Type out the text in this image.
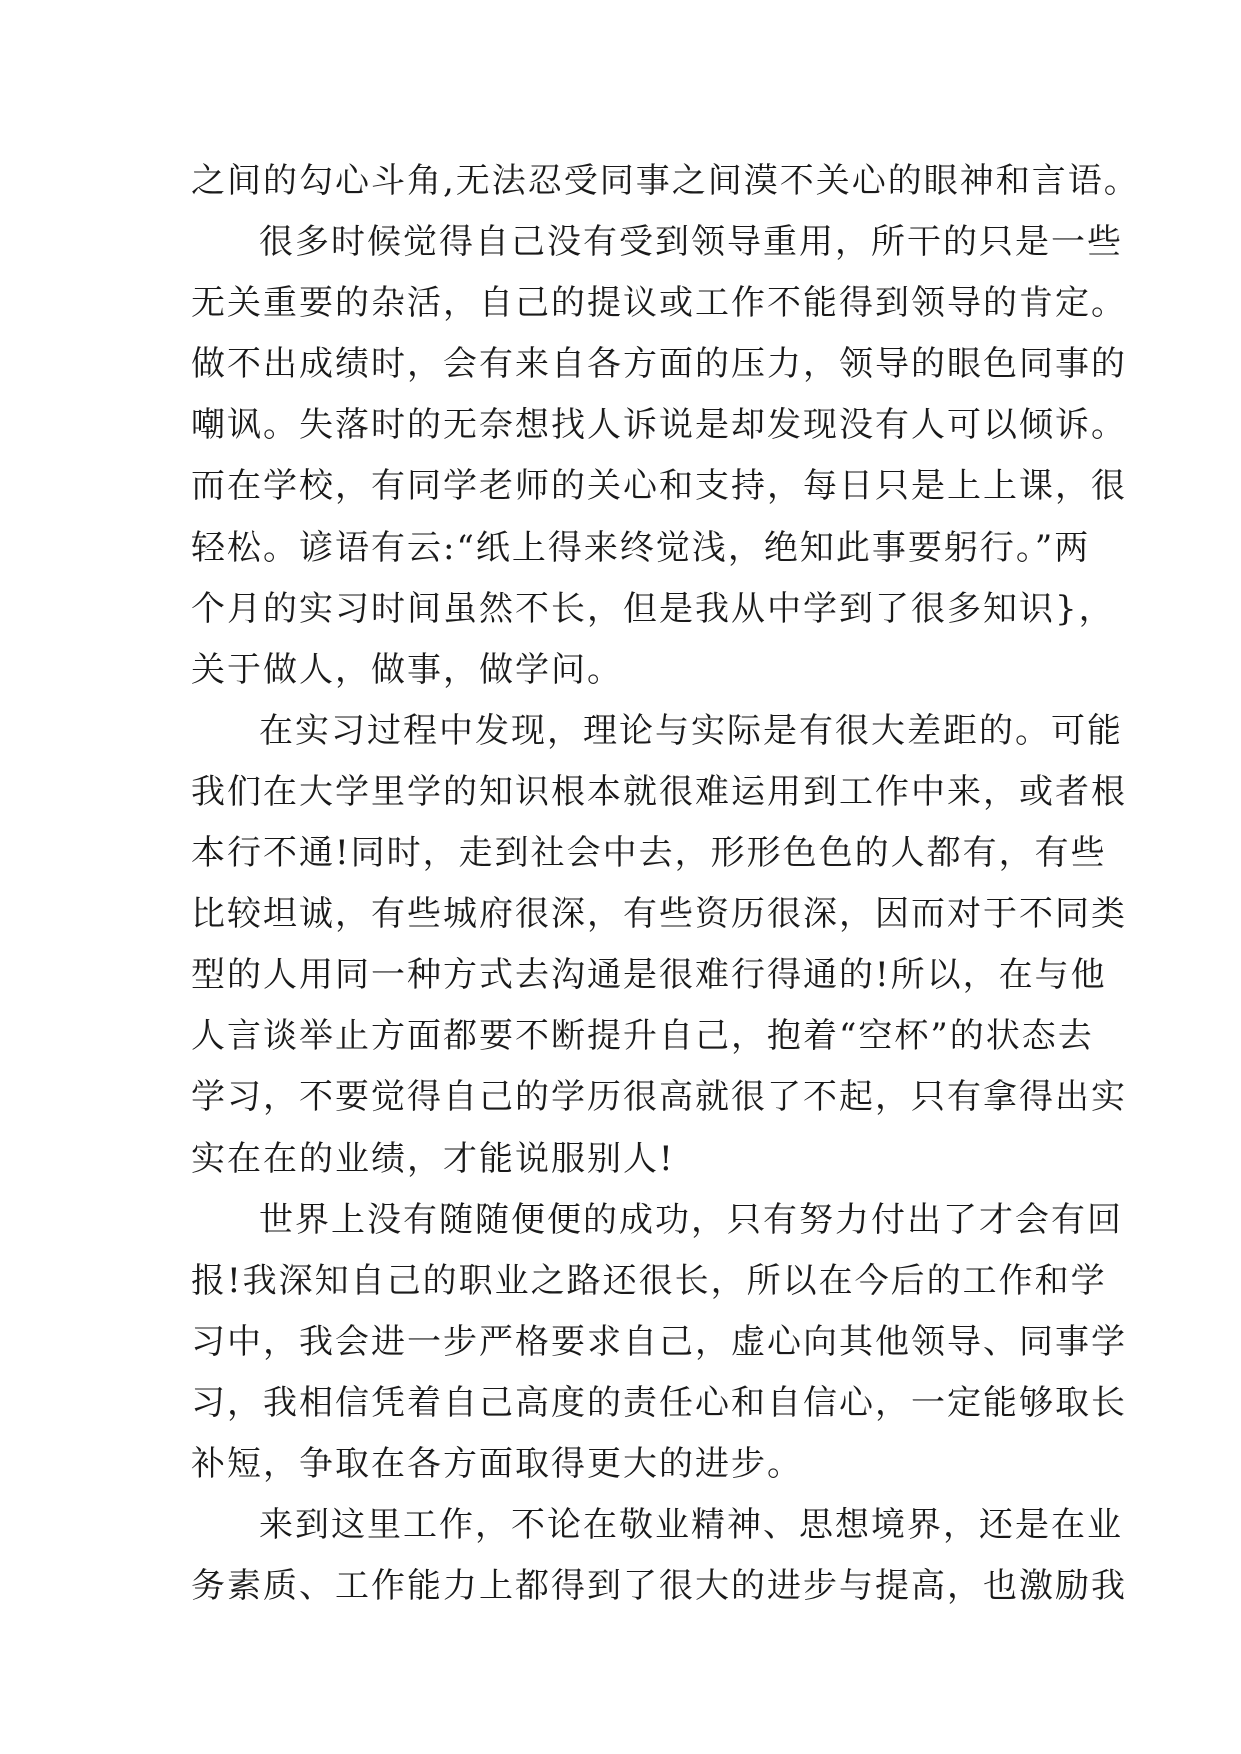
之间的勾心斗角,无法忍受同事之间漠不关心的眼神和言语。
很多时候觉得自己没有受到领导重用，所干的只是一些
无关重要的杂活，自己的提议或工作不能得到领导的肯定。
做不出成绩时，会有来自各方面的压力，领导的眼色同事的
嘲讽。失落时的无奈想找人诉说是却发现没有人可以倾诉。
而在学校，有同学老师的关心和支持，每日只是上上课，很
轻松。谚语有云:“纸上得来终觉浅，绝知此事要躬行。”两
个月的实习时间虽然不长，但是我从中学到了很多知识}，
关于做人，做事，做学问。
在实习过程中发现，理论与实际是有很大差距的。可能
我们在大学里学的知识根本就很难运用到工作中来，或者根
本行不通!同时，走到社会中去，形形色色的人都有，有些
比较坦诚，有些城府很深，有些资历很深，因而对于不同类
型的人用同一种方式去沟通是很难行得通的!所以，在与他
人言谈举止方面都要不断提升自己，抱着“空杯”的状态去
学习，不要觉得自己的学历很高就很了不起，只有拿得出实
实在在的业绩，才能说服别人!
世界上没有随随便便的成功，只有努力付出了才会有回
报!我深知自己的职业之路还很长，所以在今后的工作和学
习中，我会进一步严格要求自己，虚心向其他领导、同事学
习，我相信凭着自己高度的责任心和自信心，一定能够取长
补短，争取在各方面取得更大的进步。
来到这里工作，不论在敬业精神、思想境界，还是在业
务素质、工作能力上都得到了很大的进步与提高，也激励我
